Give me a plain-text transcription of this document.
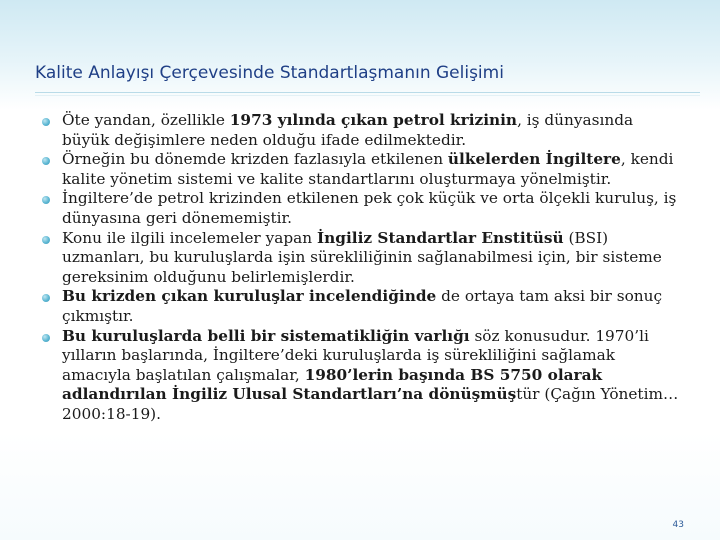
Kalite Anlayışı Çerçevesinde Standartlaşmanın Gelişimi
Öte yandan, özellikle 1973 yılında çıkan petrol krizinin, iş dünyasında büyük değişimlere neden olduğu ifade edilmektedir.
Örneğin bu dönemde krizden fazlasıyla etkilenen ülkelerden İngiltere, kendi kalite yönetim sistemi ve kalite standartlarını oluşturmaya yönelmiştir.
İngiltere’de petrol krizinden etkilenen pek çok küçük ve orta ölçekli kuruluş, iş dünyasına geri dönememiştir.
Konu ile ilgili incelemeler yapan İngiliz Standartlar Enstitüsü (BSI) uzmanları, bu kuruluşlarda işin sürekliliğinin sağlanabilmesi için, bir sisteme gereksinim olduğunu belirlemişlerdir.
Bu krizden çıkan kuruluşlar incelendiğinde de ortaya tam aksi bir sonuç çıkmıştır.
Bu kuruluşlarda belli bir sistematikliğin varlığı söz konusudur. 1970’li yılların başlarında, İngiltere’deki kuruluşlarda iş sürekliliğini sağlamak amacıyla başlatılan çalışmalar, 1980’lerin başında BS 5750 olarak adlandırılan İngiliz Ulusal Standartları’na dönüşmüştür (Çağın Yönetim…2000:18-19).
43
